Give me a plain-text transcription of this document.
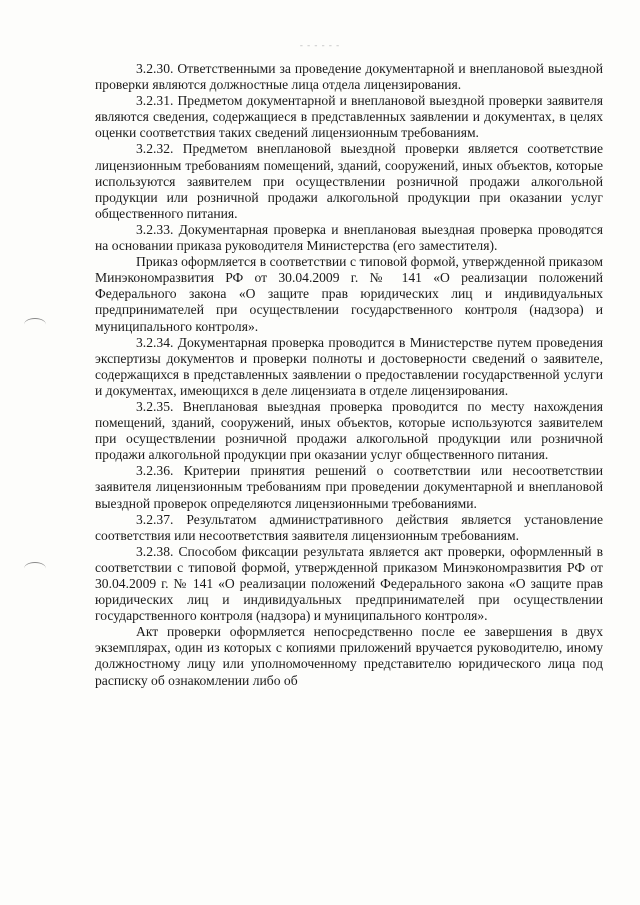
- - - - - -

3.2.30. Ответственными за проведение документарной и внеплановой выездной проверки являются должностные лица отдела лицензирования.

3.2.31. Предметом документарной и внеплановой выездной проверки заявителя являются сведения, содержащиеся в представленных заявлении и документах, в целях оценки соответствия таких сведений лицензионным требованиям.

3.2.32. Предметом внеплановой выездной проверки является соответствие лицензионным требованиям помещений, зданий, сооружений, иных объектов, которые используются заявителем при осуществлении розничной продажи алкогольной продукции или розничной продажи алкогольной продукции при оказании услуг общественного питания.

3.2.33. Документарная проверка и внеплановая выездная проверка проводятся на основании приказа руководителя Министерства (его заместителя).

Приказ оформляется в соответствии с типовой формой, утвержденной приказом Минэкономразвития РФ от 30.04.2009 г. № 141 «О реализации положений Федерального закона «О защите прав юридических лиц и индивидуальных предпринимателей при осуществлении государственного контроля (надзора) и муниципального контроля».

3.2.34. Документарная проверка проводится в Министерстве путем проведения экспертизы документов и проверки полноты и достоверности сведений о заявителе, содержащихся в представленных заявлении о предоставлении государственной услуги и документах, имеющихся в деле лицензиата в отделе лицензирования.

3.2.35. Внеплановая выездная проверка проводится по месту нахождения помещений, зданий, сооружений, иных объектов, которые используются заявителем при осуществлении розничной продажи алкогольной продукции или розничной продажи алкогольной продукции при оказании услуг общественного питания.

3.2.36. Критерии принятия решений о соответствии или несоответствии заявителя лицензионным требованиям при проведении документарной и внеплановой выездной проверок определяются лицензионными требованиями.

3.2.37. Результатом административного действия является установление соответствия или несоответствия заявителя лицензионным требованиям.

3.2.38. Способом фиксации результата является акт проверки, оформленный в соответствии с типовой формой, утвержденной приказом Минэкономразвития РФ от 30.04.2009 г. № 141 «О реализации положений Федерального закона «О защите прав юридических лиц и индивидуальных предпринимателей при осуществлении государственного контроля (надзора) и муниципального контроля».

Акт проверки оформляется непосредственно после ее завершения в двух экземплярах, один из которых с копиями приложений вручается руководителю, иному должностному лицу или уполномоченному представителю юридического лица под расписку об ознакомлении либо об
